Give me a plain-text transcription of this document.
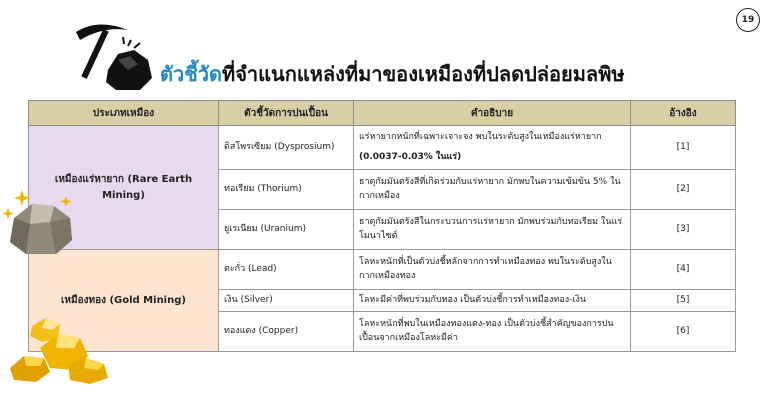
19
ตัวชี้วัดที่จำแนกแหล่งที่มาของเหมืองที่ปลดปล่อยมลพิษ
ประเภทเหมือง	ตัวชี้วัดการปนเปื้อน	คำอธิบาย	อ้างอิง
เหมืองแร่หายาก (Rare Earth Mining)	ดิสโพรเซียม (Dysprosium)	แร่หายากหนักที่เฉพาะเจาะจง พบในระดับสูงในเหมืองแร่หายาก
(0.0037-0.03% ในแร่)	[1]
	ทอเรียม (Thorium)	ธาตุกัมมันตรังสีที่เกิดร่วมกับแร่หายาก มักพบในความเข้มข้น 5% ในกากเหมือง	[2]
	ยูเรเนียม (Uranium)	ธาตุกัมมันตรังสีในกระบวนการแร่หายาก มักพบร่วมกับทอเรียม ในแร่โมนาไซต์	[3]
เหมืองทอง (Gold Mining)	ตะกั่ว (Lead)	โลหะหนักที่เป็นตัวบ่งชี้หลักจากการทำเหมืองทอง พบในระดับสูงในกากเหมืองทอง	[4]
	เงิน (Silver)	โลหะมีค่าที่พบร่วมกับทอง เป็นตัวบ่งชี้การทำเหมืองทอง-เงิน	[5]
	ทองแดง (Copper)	โลหะหนักที่พบในเหมืองทองแดง-ทอง เป็นตัวบ่งชี้สำคัญของการปนเปื้อนจากเหมืองโลหะมีค่า	[6]
